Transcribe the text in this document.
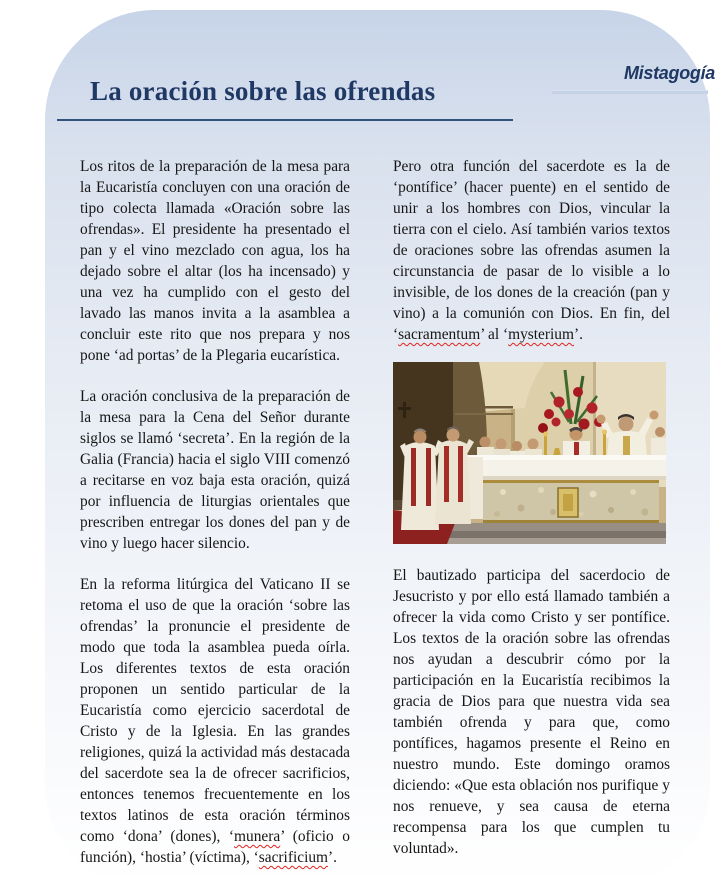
Mistagogía
La oración sobre las ofrendas

Los ritos de la preparación de la mesa para la Eucaristía concluyen con una oración de tipo colecta llamada «Oración sobre las ofrendas». El presidente ha presentado el pan y el vino mezclado con agua, los ha dejado sobre el altar (los ha incensado) y una vez ha cumplido con el gesto del lavado las manos invita a la asamblea a concluir este rito que nos prepara y nos pone ‘ad portas’ de la Plegaria eucarística.

La oración conclusiva de la preparación de la mesa para la Cena del Señor durante siglos se llamó ‘secreta’. En la región de la Galia (Francia) hacia el siglo VIII comenzó a recitarse en voz baja esta oración, quizá por influencia de liturgias orientales que prescriben entregar los dones del pan y de vino y luego hacer silencio.

En la reforma litúrgica del Vaticano II se retoma el uso de que la oración ‘sobre las ofrendas’ la pronuncie el presidente de modo que toda la asamblea pueda oírla. Los diferentes textos de esta oración proponen un sentido particular de la Eucaristía como ejercicio sacerdotal de Cristo y de la Iglesia. En las grandes religiones, quizá la actividad más destacada del sacerdote sea la de ofrecer sacrificios, entonces tenemos frecuentemente en los textos latinos de esta oración términos como ‘dona’ (dones), ‘munera’ (oficio o función), ‘hostia’ (víctima), ‘sacrificium’.

Pero otra función del sacerdote es la de ‘pontífice’ (hacer puente) en el sentido de unir a los hombres con Dios, vincular la tierra con el cielo. Así también varios textos de oraciones sobre las ofrendas asumen la circunstancia de pasar de lo visible a lo invisible, de los dones de la creación (pan y vino) a la comunión con Dios. En fin, del ‘sacramentum’ al ‘mysterium’.

El bautizado participa del sacerdocio de Jesucristo y por ello está llamado también a ofrecer la vida como Cristo y ser pontífice. Los textos de la oración sobre las ofrendas nos ayudan a descubrir cómo por la participación en la Eucaristía recibimos la gracia de Dios para que nuestra vida sea también ofrenda y para que, como pontífices, hagamos presente el Reino en nuestro mundo. Este domingo oramos diciendo: «Que esta oblación nos purifique y nos renueve, y sea causa de eterna recompensa para los que cumplen tu voluntad».
